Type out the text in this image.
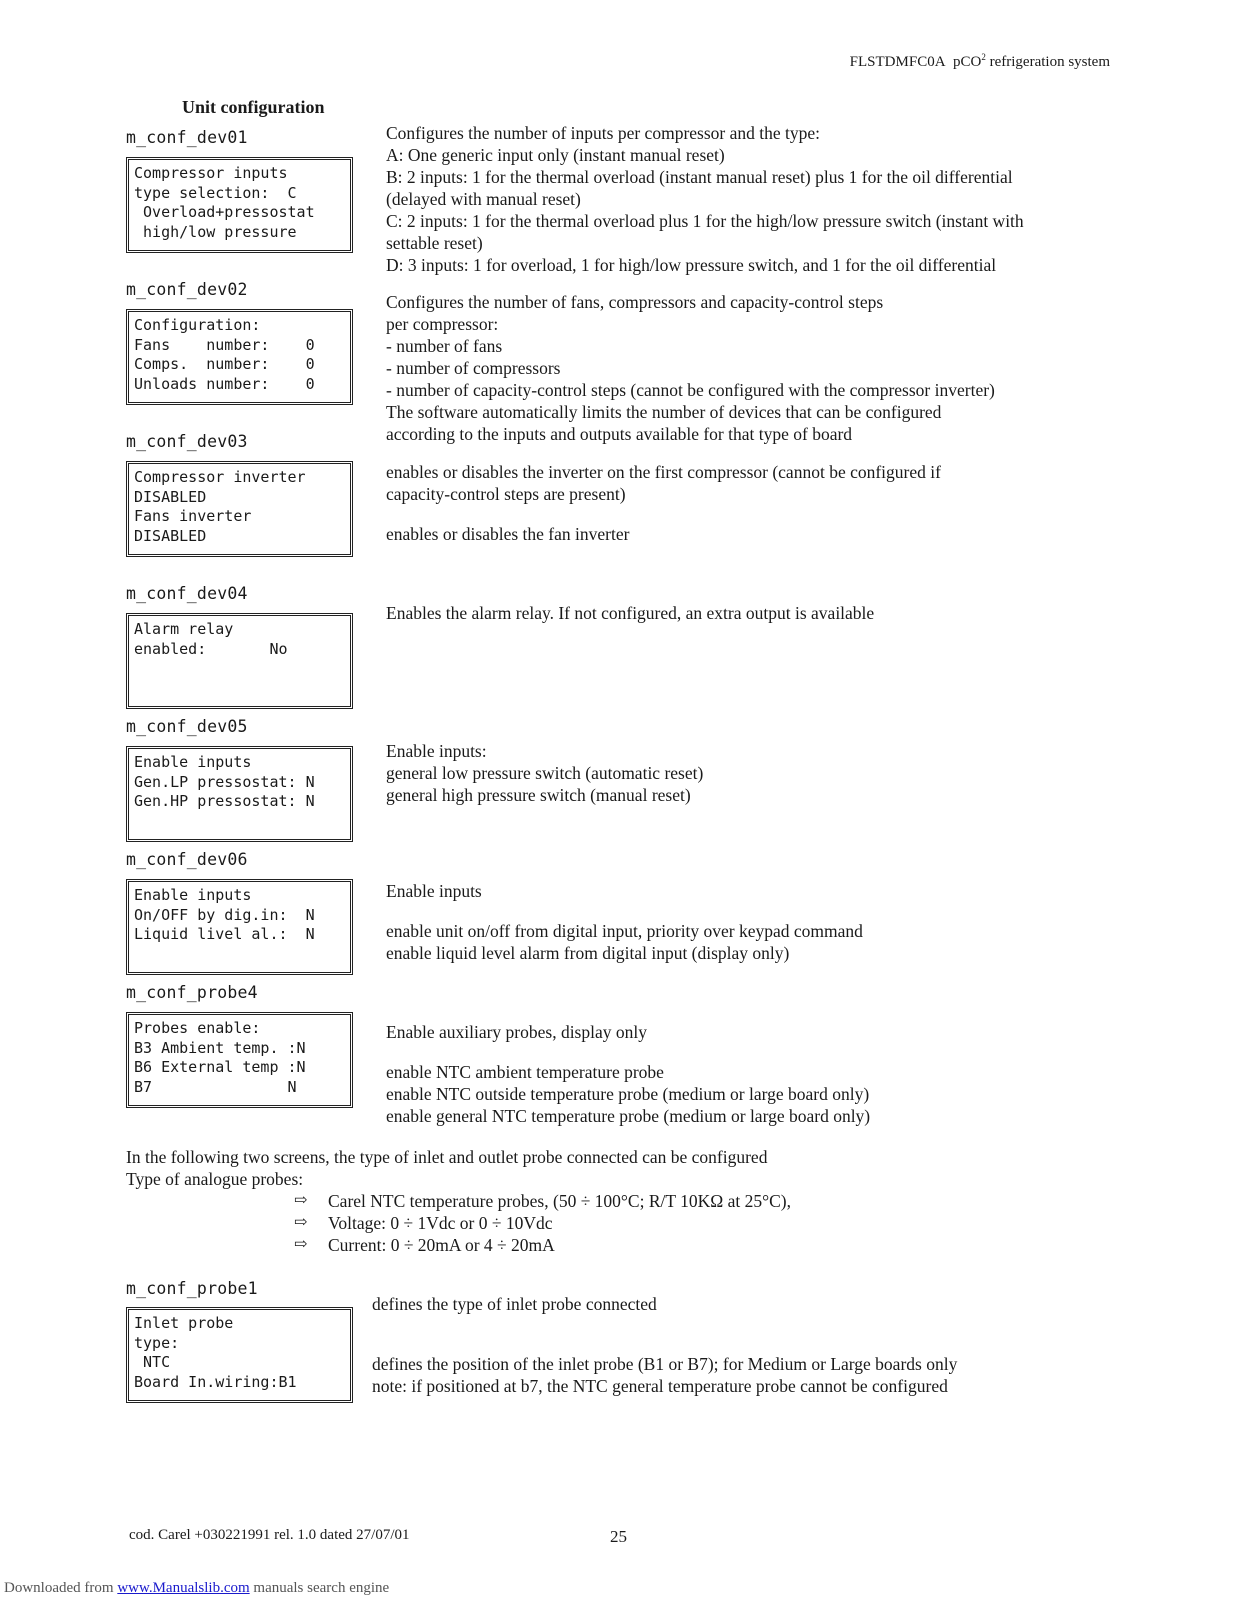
FLSTDMFC0A pCO$^2$ refrigeration system
Unit configuration
m_conf_dev01
Compressor inputs
type selection:  C
Overload+pressostat
high/low pressure
Configures the number of inputs per compressor and the type:
A: One generic input only (instant manual reset)
B: 2 inputs: 1 for the thermal overload (instant manual reset) plus 1 for the oil differential
(delayed with manual reset)
C: 2 inputs: 1 for the thermal overload plus 1 for the high/low pressure switch (instant with
settable reset)
D: 3 inputs: 1 for overload, 1 for high/low pressure switch, and 1 for the oil differential
m_conf_dev02
Configuration:
Fans    number:    0
Comps.  number:    0
Unloads number:    0
Configures the number of fans, compressors and capacity-control steps
per compressor:
- number of fans
- number of compressors
- number of capacity-control steps (cannot be configured with the compressor inverter)
The software automatically limits the number of devices that can be configured
according to the inputs and outputs available for that type of board
m_conf_dev03
Compressor inverter
DISABLED
Fans inverter
DISABLED
enables or disables the inverter on the first compressor (cannot be configured if
capacity-control steps are present)
enables or disables the fan inverter
m_conf_dev04
Alarm relay
enabled:       No
Enables the alarm relay. If not configured, an extra output is available
m_conf_dev05
Enable inputs
Gen.LP pressostat: N
Gen.HP pressostat: N
Enable inputs:
general low pressure switch (automatic reset)
general high pressure switch (manual reset)
m_conf_dev06
Enable inputs
On/OFF by dig.in:  N
Liquid livel al.:  N
Enable inputs
enable unit on/off from digital input, priority over keypad command
enable liquid level alarm from digital input (display only)
m_conf_probe4
Probes enable:
B3 Ambient temp. :N
B6 External temp :N
B7               N
Enable auxiliary probes, display only
enable NTC ambient temperature probe
enable NTC outside temperature probe (medium or large board only)
enable general NTC temperature probe (medium or large board only)
In the following two screens, the type of inlet and outlet probe connected can be configured
Type of analogue probes:
⇨	Carel NTC temperature probes, (50 ÷ 100°C; R/T 10KΩ at 25°C),
⇨	Voltage: 0 ÷ 1Vdc or 0 ÷ 10Vdc
⇨	Current: 0 ÷ 20mA or 4 ÷ 20mA
m_conf_probe1
Inlet probe
type:
NTC
Board In.wiring:B1
defines the type of inlet probe connected
defines the position of the inlet probe (B1 or B7); for Medium or Large boards only
note: if positioned at b7, the NTC general temperature probe cannot be configured
cod. Carel +030221991 rel. 1.0 dated 27/07/01	25
Downloaded from www.Manualslib.com manuals search engine
